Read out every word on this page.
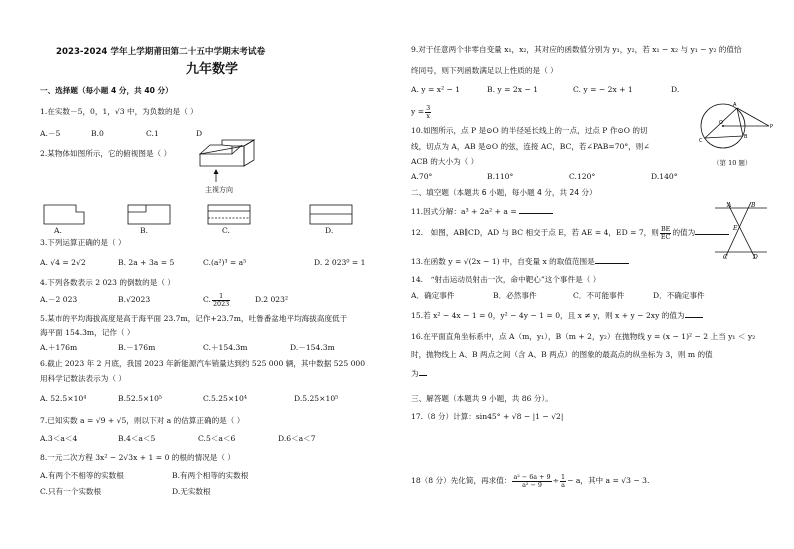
2023-2024 学年上学期莆田第二十五中学期末考试卷
九年数学
一、选择题（每小题 4 分，共 40 分）
1.在实数－5，0，1，√3 中，为负数的是（ ）
A.－5	B.0	C.1	D
2.某物体如图所示，它的俯视图是（ ）
主视方向
A.	B.	C.	D.
3.下列运算正确的是（ ）
A. √4 = 2√2	B. 2a + 3a = 5	C.(a²)³ = a⁵	D. 2 023⁰ = 1
4.下列各数表示 2 023 的倒数的是（ ）
A.－2 023	B.√2023	C. $\frac{1}{2023}$	D.2 023²
5.某市的平均海拔高度是高于海平面 23.7m，记作+23.7m，吐鲁番盆地平均海拔高度低于
海平面 154.3m，记作（ ）
A.＋176m	B.－176m	C.＋154.3m	D.－154.3m
6.截止 2023 年 2 月底，我国 2023 年新能源汽车销量达到约 525 000 辆，其中数据 525 000
用科学记数法表示为（ ）
A. 52.5×10⁴	B.52.5×10⁵	C.5.25×10⁴	D.5.25×10⁵
7.已知实数 a = √9 + √5，则以下对 a 的估算正确的是（ ）
A.3＜a＜4	B.4＜a＜5	C.5＜a＜6	D.6＜a＜7
8.一元二次方程 3x² − 2√3x + 1 = 0 的根的情况是（ ）
A.有两个不相等的实数根	B.有两个相等的实数根
C.只有一个实数根	D.无实数根
9.对于任意两个非零自变量 x₁，x₂，其对应的函数值分别为 y₁，y₂，若 x₁ − x₂ 与 y₁ − y₂ 的值恰
终同号，则下列函数满足以上性质的是（ ）
A. y = x² − 1	B. y = 2x − 1	C. y = − 2x + 1	D.
$y = \frac{3}{x}$
10.如图所示，点 P 是⊙O 的半径延长线上的一点，过点 P 作⊙O 的切
线，切点为 A，AB 是⊙O 的弦，连接 AC，BC，若∠PAB=70°，则∠
ACB 的大小为（ ）
A.70°	B.110°	C.120°	D.140°
A
P
B
C
O
（第 10 题）
二、填空题（本题共 6 小题，每小题 4 分，共 24 分）
11.因式分解：a³ + 2a² + a =
12.　如图，AB∥CD，AD 与 BC 相交于点 E，若 AE = 4，ED = 7，则 $\frac{BE}{EC}$ 的值为
A	B
E
C	D
13.在函数 y = √(2x − 1) 中，自变量 x 的取值范围是
14.　“射击运动员射击一次，命中靶心”这个事件是（ ）
A．确定事件	B．必然事件	C．不可能事件	D．不确定事件
15.若 x² − 4x − 1 = 0，y² − 4y − 1 = 0，且 x ≠ y，则 x + y − 2xy 的值为
16.在平面直角坐标系中，点 A（m，y₁），B（m + 2，y₂）在抛物线 y = (x − 1)² − 2 上当 y₁ ＜ y₂
时，抛物线上 A、B 两点之间（含 A、B 两点）的图象的最高点的纵坐标为 3，则 m 的值
为
三、解答题（本题共 9 小题，共 86 分）。
17.（8 分）计算：sin45° + √8 − |1 − √2|
18（8 分）先化简，再求值： $\frac{\text{a² − 6a + 9}}{\text{a² − 9}} \div \frac{1}{a} - a$，其中 a = √3 − 3.
